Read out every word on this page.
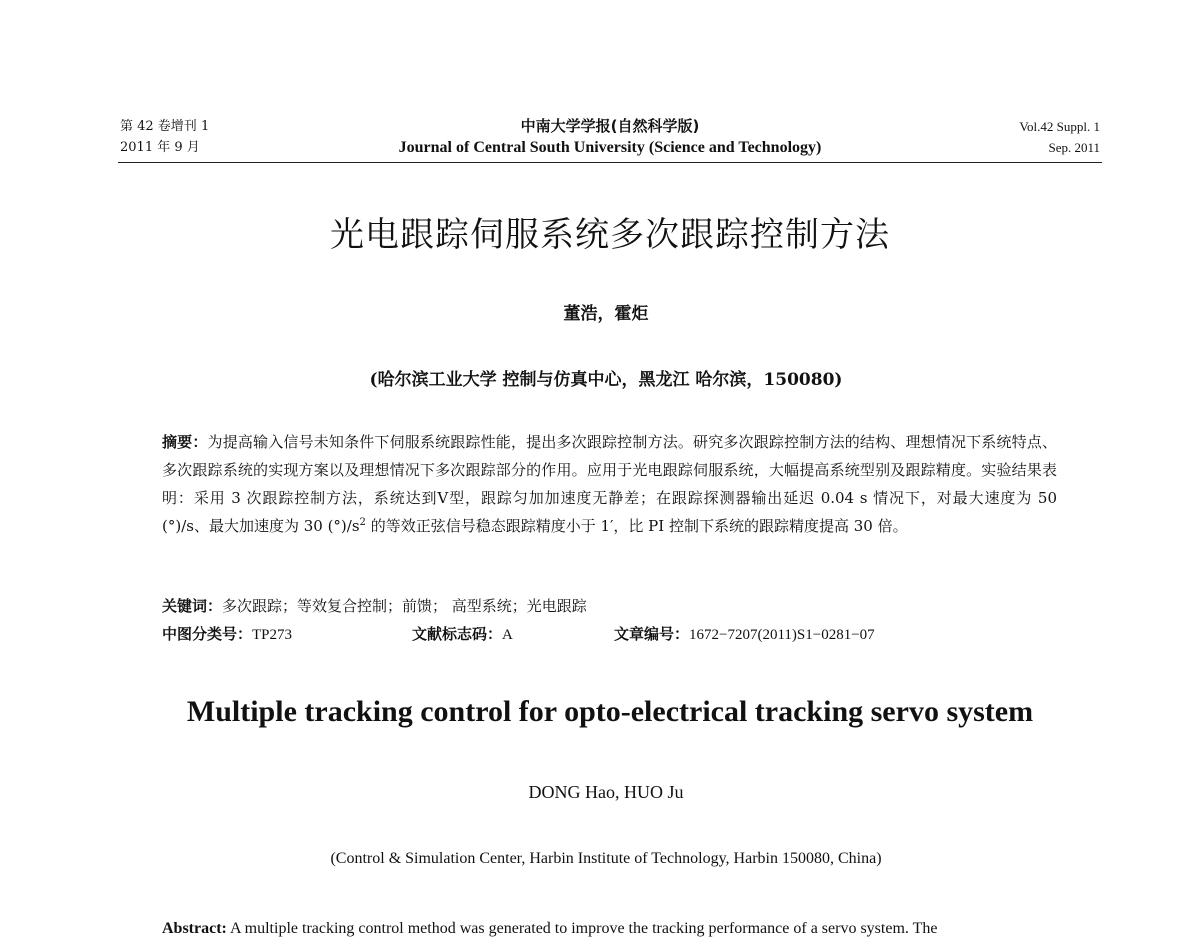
第 42 卷增刊 1
2011 年 9 月
中南大学学报(自然科学版)
Journal of Central South University (Science and Technology)
Vol.42 Suppl. 1
Sep. 2011
光电跟踪伺服系统多次跟踪控制方法
董浩，霍炬
(哈尔滨工业大学 控制与仿真中心，黑龙江 哈尔滨，150080)
摘要：为提高输入信号未知条件下伺服系统跟踪性能，提出多次跟踪控制方法。研究多次跟踪控制方法的结构、理想情况下系统特点、多次跟踪系统的实现方案以及理想情况下多次跟踪部分的作用。应用于光电跟踪伺服系统，大幅提高系统型别及跟踪精度。实验结果表明：采用 3 次跟踪控制方法，系统达到Ⅴ型，跟踪匀加加速度无静差；在跟踪探测器输出延迟 0.04 s 情况下，对最大速度为 50 (°)/s、最大加速度为 30 $(^\circ)/s^2$ 的等效正弦信号稳态跟踪精度小于 1′，比 PI 控制下系统的跟踪精度提高 30 倍。
关键词：多次跟踪；等效复合控制；前馈； 高型系统；光电跟踪
中图分类号：TP273	文献标志码：A	文章编号：1672−7207(2011)S1−0281−07
Multiple tracking control for opto-electrical tracking servo system
DONG Hao, HUO Ju
(Control & Simulation Center, Harbin Institute of Technology, Harbin 150080, China)
Abstract: A multiple tracking control method was generated to improve the tracking performance of a servo system. The
